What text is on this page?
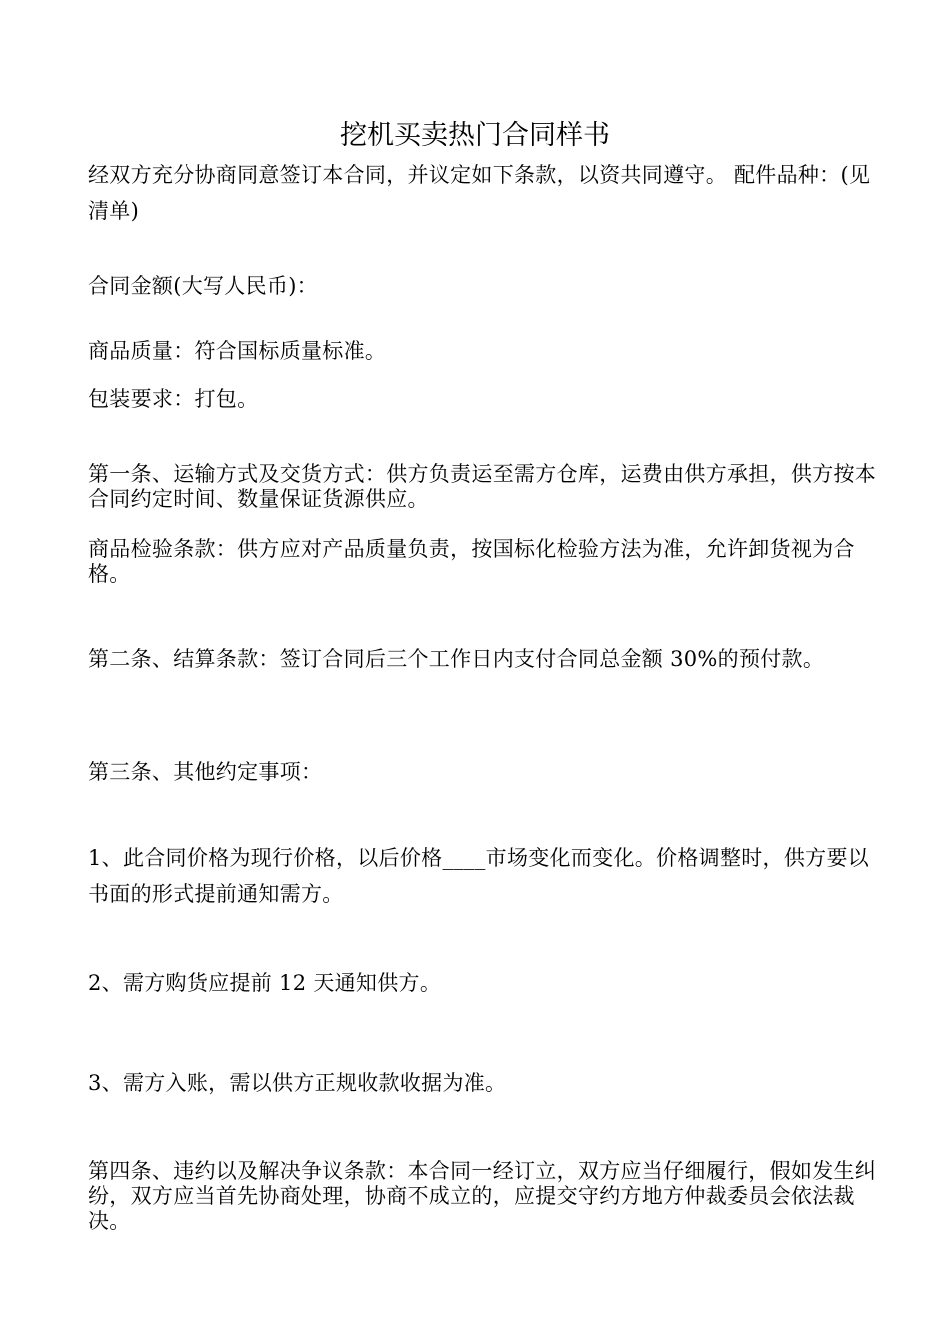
挖机买卖热门合同样书
经双方充分协商同意签订本合同，并议定如下条款，以资共同遵守。 配件品种：(见清单)
合同金额(大写人民币)：
商品质量：符合国标质量标准。
包装要求：打包。
第一条、运输方式及交货方式：供方负责运至需方仓库，运费由供方承担，供方按本合同约定时间、数量保证货源供应。
商品检验条款：供方应对产品质量负责，按国标化检验方法为准，允许卸货视为合格。
第二条、结算条款：签订合同后三个工作日内支付合同总金额 30%的预付款。
第三条、其他约定事项：
1、此合同价格为现行价格，以后价格____市场变化而变化。价格调整时，供方要以书面的形式提前通知需方。
2、需方购货应提前 12 天通知供方。
3、需方入账，需以供方正规收款收据为准。
第四条、违约以及解决争议条款：本合同一经订立，双方应当仔细履行，假如发生纠纷，双方应当首先协商处理，协商不成立的，应提交守约方地方仲裁委员会依法裁决。
